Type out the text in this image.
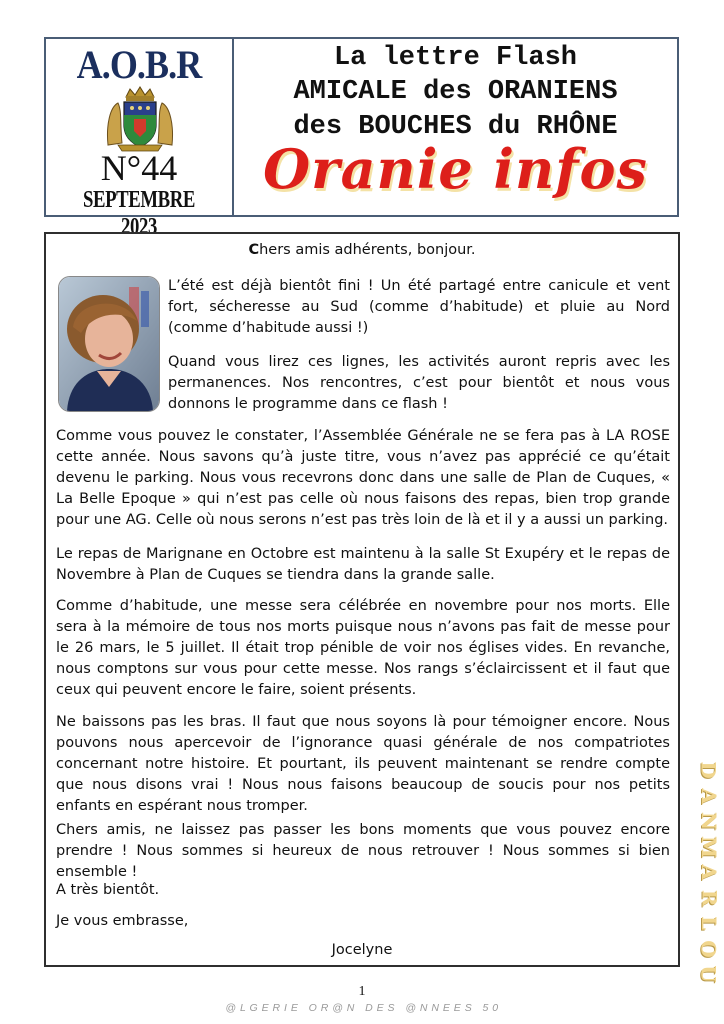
A.O.B.R
N°44
SEPTEMBRE 2023
La lettre Flash
AMICALE des ORANIENS
des BOUCHES du RHÔNE
Oranie infos
Chers amis adhérents, bonjour.

L’été est déjà bientôt fini ! Un été partagé entre canicule et vent fort, sécheresse au Sud (comme d’habitude) et pluie au Nord (comme d’habitude aussi !)

Quand vous lirez ces lignes, les activités auront repris avec les permanences. Nos rencontres, c’est pour bientôt et nous vous donnons le programme dans ce flash !

Comme vous pouvez le constater, l’Assemblée Générale ne se fera pas à LA ROSE cette année. Nous savons qu’à juste titre, vous n’avez pas apprécié ce qu’était devenu le parking. Nous vous recevrons donc dans une salle de Plan de Cuques, « La Belle Epoque » qui n’est pas celle où nous faisons des repas, bien trop grande pour une AG. Celle où nous serons n’est pas très loin de là et il y a aussi un parking.

Le repas de Marignane en Octobre est maintenu à la salle St Exupéry et le repas de Novembre à Plan de Cuques se tiendra dans la grande salle.

Comme d’habitude, une messe sera célébrée en novembre pour nos morts. Elle sera à la mémoire de tous nos morts puisque nous n’avons pas fait de messe pour le 26 mars, le 5 juillet. Il était trop pénible de voir nos églises vides. En revanche, nous comptons sur vous pour cette messe. Nos rangs s’éclaircissent et il faut que ceux qui peuvent encore le faire, soient présents.

Ne baissons pas les bras. Il faut que nous soyons là pour témoigner encore. Nous pouvons nous apercevoir de l’ignorance quasi générale de nos compatriotes concernant notre histoire. Et pourtant, ils peuvent maintenant se rendre compte que nous disons vrai ! Nous nous faisons beaucoup de soucis pour nos petits enfants en espérant nous tromper.

Chers amis, ne laissez pas passer les bons moments que vous pouvez encore prendre ! Nous sommes si heureux de nous retrouver ! Nous sommes si bien ensemble !

A très bientôt.

Je vous embrasse,

Jocelyne
D
A
N
M
A
R
L
O
U
1
@ L G E R I E   O R @ N   D E S   @ N N E E S   5 0
